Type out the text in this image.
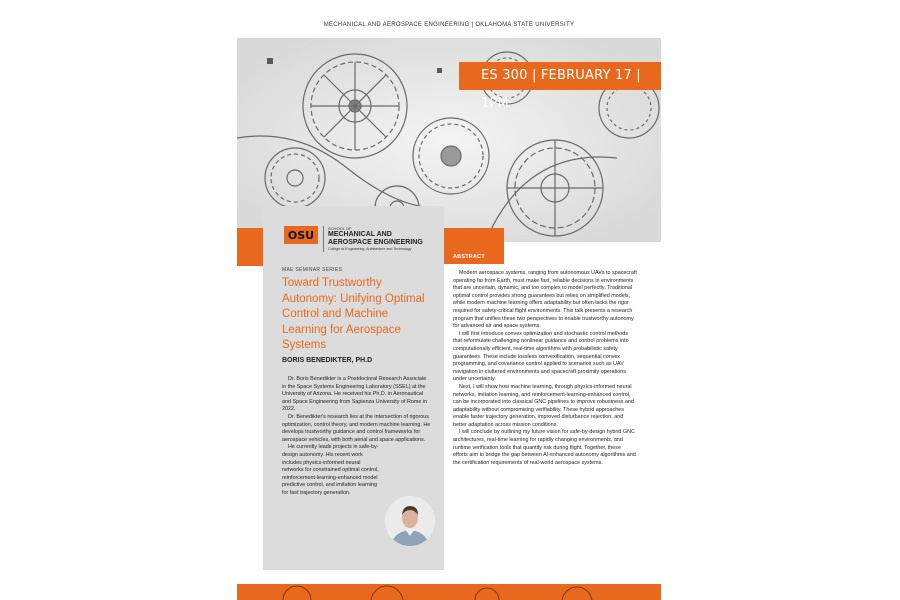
MECHANICAL AND AEROSPACE ENGINEERING | OKLAHOMA STATE UNIVERSITY
ES 300 | FEBRUARY 17 | 1PM
OSU
SCHOOL OF
MECHANICAL AND
AEROSPACE ENGINEERING
College of Engineering, Architecture and Technology
MAE SEMINAR SERIES
Toward Trustworthy Autonomy: Unifying Optimal Control and Machine Learning for Aerospace Systems
BORIS BENEDIKTER, PH.D

Dr. Boris Benedikter is a Postdoctoral Research Associate in the Space Systems Engineering Laboratory (SSEL) at the University of Arizona. He received his Ph.D. in Aeronautical and Space Engineering from Sapienza University of Rome in 2022.

Dr. Benedikter's research lies at the intersection of rigorous optimization, control theory, and modern machine learning. He develops trustworthy guidance and control frameworks for aerospace vehicles, with both aerial and space applications.

He currently leads projects in safe-by-design autonomy. His recent work includes physics-informed neural networks for constrained optimal control, reinforcement-learning-enhanced model predictive control, and imitation learning for fast trajectory generation.

ABSTRACT

Modern aerospace systems, ranging from autonomous UAVs to spacecraft operating far from Earth, must make fast, reliable decisions in environments that are uncertain, dynamic, and too complex to model perfectly. Traditional optimal control provides strong guarantees but relies on simplified models, while modern machine learning offers adaptability but often lacks the rigor required for safety-critical flight environments. This talk presents a research program that unifies these two perspectives to enable trustworthy autonomy for advanced air and space systems.

I will first introduce convex optimization and stochastic control methods that reformulate challenging nonlinear guidance and control problems into computationally efficient, real-time algorithms with probabilistic safety guarantees. These include lossless convexification, sequential convex programming, and covariance control applied to scenarios such as UAV navigation in cluttered environments and spacecraft proximity operations under uncertainty.

Next, I will show how machine learning, through physics-informed neural networks, imitation learning, and reinforcement-learning-enhanced control, can be incorporated into classical GNC pipelines to improve robustness and adaptability without compromising verifiability. These hybrid approaches enable faster trajectory generation, improved disturbance rejection, and better adaptation across mission conditions.

I will conclude by outlining my future vision for safe-by-design hybrid GNC architectures, real-time learning for rapidly changing environments, and runtime verification tools that quantify risk during flight. Together, these efforts aim to bridge the gap between AI-enhanced autonomy algorithms and the certification requirements of real-world aerospace systems.
